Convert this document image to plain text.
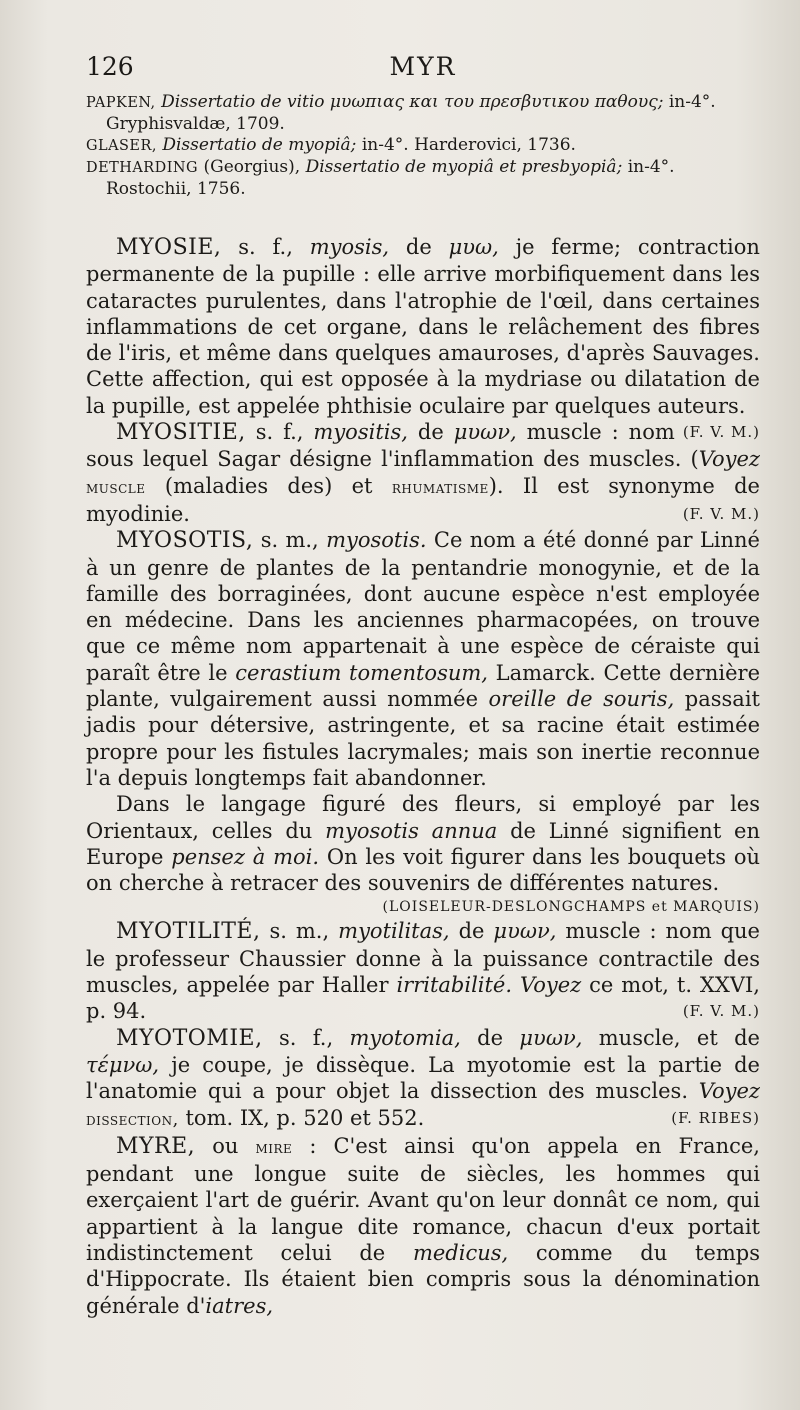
126	MYR

PAPKEN, Dissertatio de vitio μυωπιας και του πρεσβυτικου παθους; in-4°. Gryphisvaldæ, 1709.

GLASER, Dissertatio de myopiâ; in-4°. Harderovici, 1736.

DETHARDING (Georgius), Dissertatio de myopiâ et presbyopiâ; in-4°. Rostochii, 1756.

MYOSIE, s. f., myosis, de μυω, je ferme; contraction permanente de la pupille : elle arrive morbifiquement dans les cataractes purulentes, dans l'atrophie de l'œil, dans certaines inflammations de cet organe, dans le relâchement des fibres de l'iris, et même dans quelques amauroses, d'après Sauvages. Cette affection, qui est opposée à la mydriase ou dilatation de la pupille, est appelée phthisie oculaire par quelques auteurs.
(F. V. M.)

MYOSITIE, s. f., myositis, de μυων, muscle : nom sous lequel Sagar désigne l'inflammation des muscles. (Voyez muscle (maladies des) et rhumatisme). Il est synonyme de myodinie.	(F. V. M.)

MYOSOTIS, s. m., myosotis. Ce nom a été donné par Linné à un genre de plantes de la pentandrie monogynie, et de la famille des borraginées, dont aucune espèce n'est employée en médecine. Dans les anciennes pharmacopées, on trouve que ce même nom appartenait à une espèce de céraiste qui paraît être le cerastium tomentosum, Lamarck. Cette dernière plante, vulgairement aussi nommée oreille de souris, passait jadis pour détersive, astringente, et sa racine était estimée propre pour les fistules lacrymales; mais son inertie reconnue l'a depuis longtemps fait abandonner.

Dans le langage figuré des fleurs, si employé par les Orientaux, celles du myosotis annua de Linné signifient en Europe pensez à moi. On les voit figurer dans les bouquets où on cherche à retracer des souvenirs de différentes natures.

(LOISELEUR-DESLONGCHAMPS et MARQUIS)

MYOTILITÉ, s. m., myotilitas, de μυων, muscle : nom que le professeur Chaussier donne à la puissance contractile des muscles, appelée par Haller irritabilité. Voyez ce mot, t. XXVI, p. 94.	(F. V. M.)

MYOTOMIE, s. f., myotomia, de μυων, muscle, et de τέμνω, je coupe, je dissèque. La myotomie est la partie de l'anatomie qui a pour objet la dissection des muscles. Voyez dissection, tom. IX, p. 520 et 552.	(F. RIBES)

MYRE, ou mire : C'est ainsi qu'on appela en France, pendant une longue suite de siècles, les hommes qui exerçaient l'art de guérir. Avant qu'on leur donnât ce nom, qui appartient à la langue dite romance, chacun d'eux portait indistinctement celui de medicus, comme du temps d'Hippocrate. Ils étaient bien compris sous la dénomination générale d'iatres,
